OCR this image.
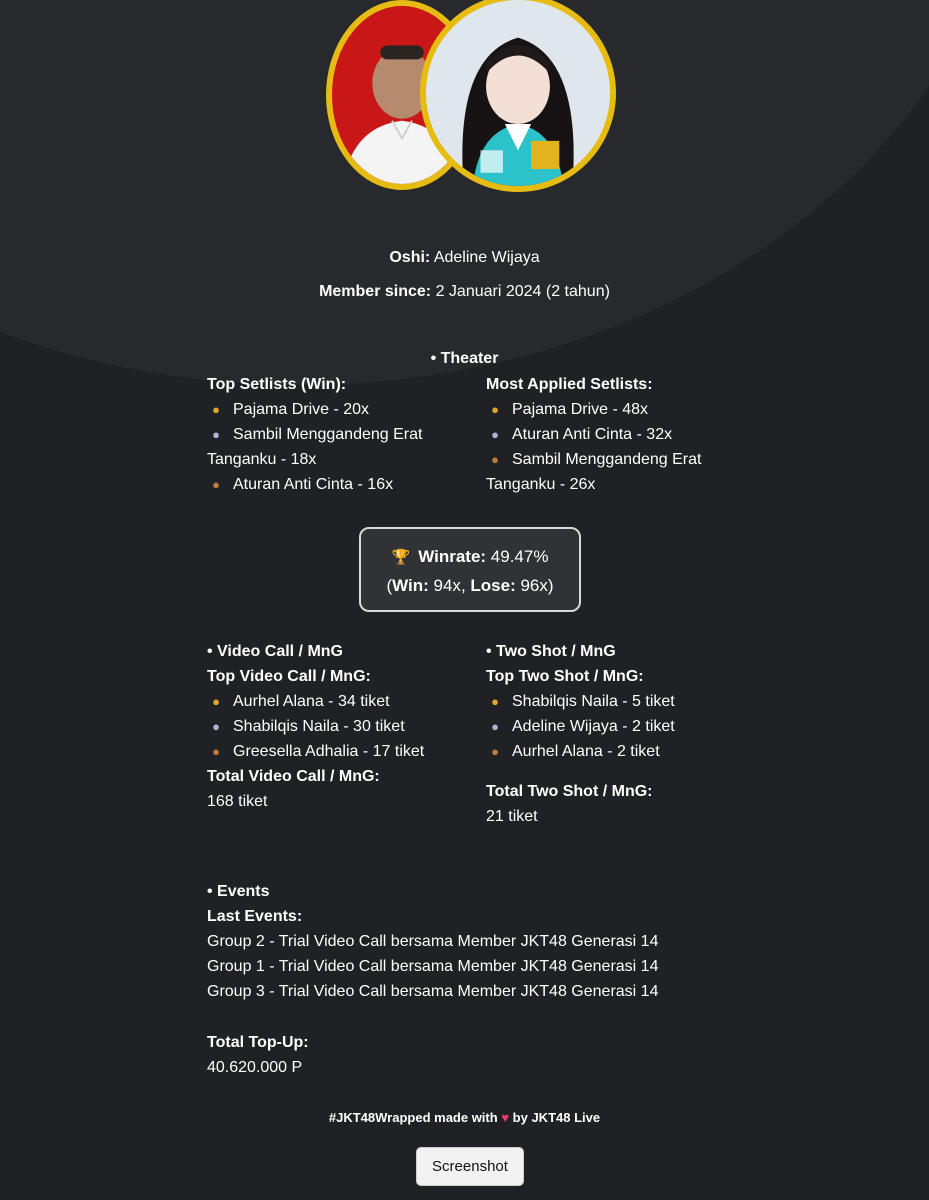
Oshi: Adeline Wijaya
Member since: 2 Januari 2024 (2 tahun)
• Theater
Top Setlists (Win):
● Pajama Drive - 20x
● Sambil Menggandeng Erat Tanganku - 18x
● Aturan Anti Cinta - 16x
Most Applied Setlists:
● Pajama Drive - 48x
● Aturan Anti Cinta - 32x
● Sambil Menggandeng Erat Tanganku - 26x
🏆 Winrate: 49.47%
(Win: 94x, Lose: 96x)
• Video Call / MnG
Top Video Call / MnG:
● Aurhel Alana - 34 tiket
● Shabilqis Naila - 30 tiket
● Greesella Adhalia - 17 tiket
Total Video Call / MnG:
168 tiket
• Two Shot / MnG
Top Two Shot / MnG:
● Shabilqis Naila - 5 tiket
● Adeline Wijaya - 2 tiket
● Aurhel Alana - 2 tiket
Total Two Shot / MnG:
21 tiket
• Events
Last Events:
Group 2 - Trial Video Call bersama Member JKT48 Generasi 14
Group 1 - Trial Video Call bersama Member JKT48 Generasi 14
Group 3 - Trial Video Call bersama Member JKT48 Generasi 14
Total Top-Up:
40.620.000 P
#JKT48Wrapped made with ♥ by JKT48 Live
Screenshot
